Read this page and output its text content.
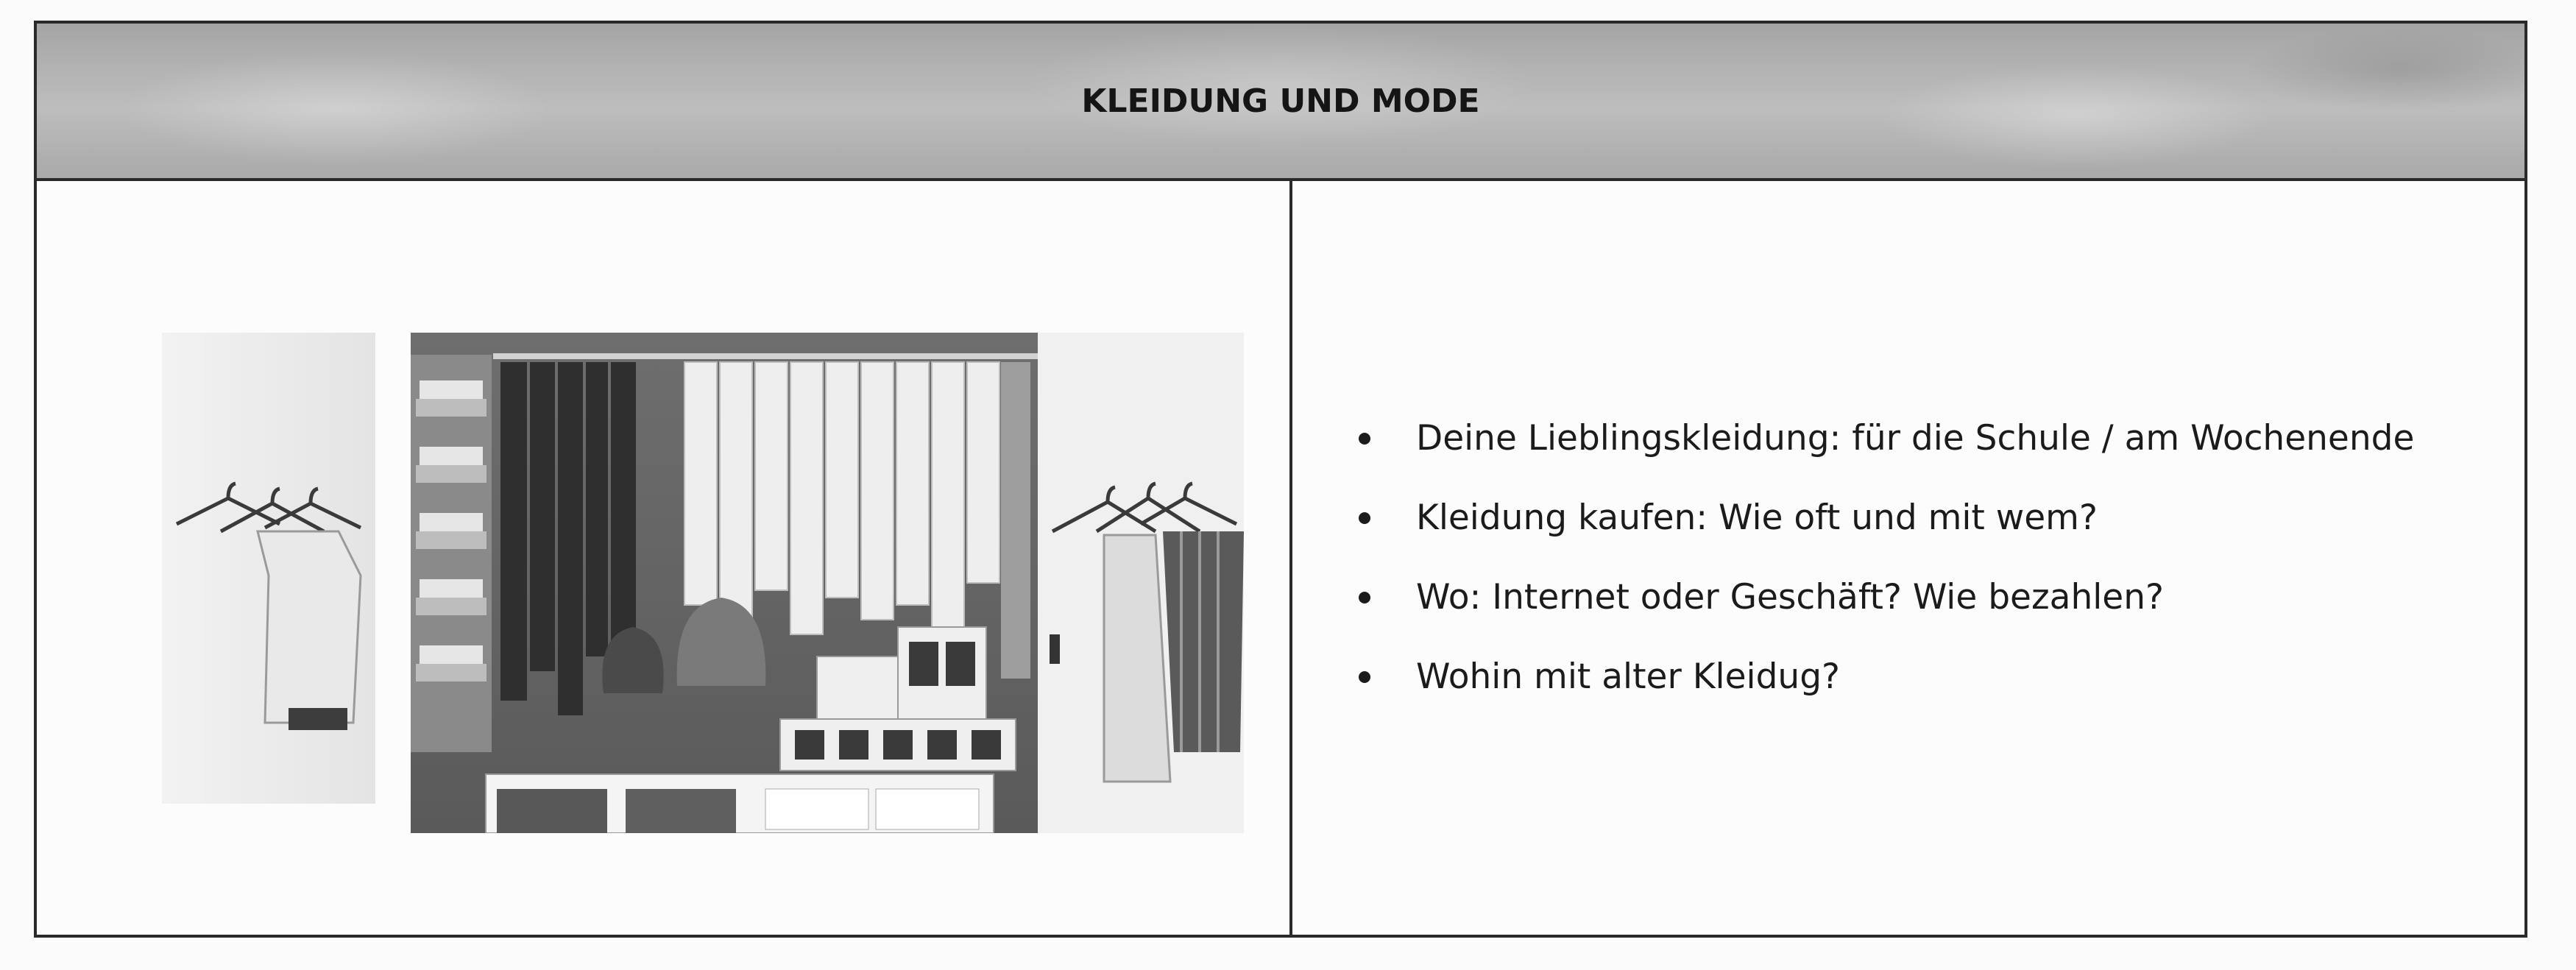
KLEIDUNG UND MODE
Deine Lieblingskleidung: für die Schule / am Wochenende
Kleidung kaufen: Wie oft und mit wem?
Wo: Internet oder Geschäft? Wie bezahlen?
Wohin mit alter Kleidug?
